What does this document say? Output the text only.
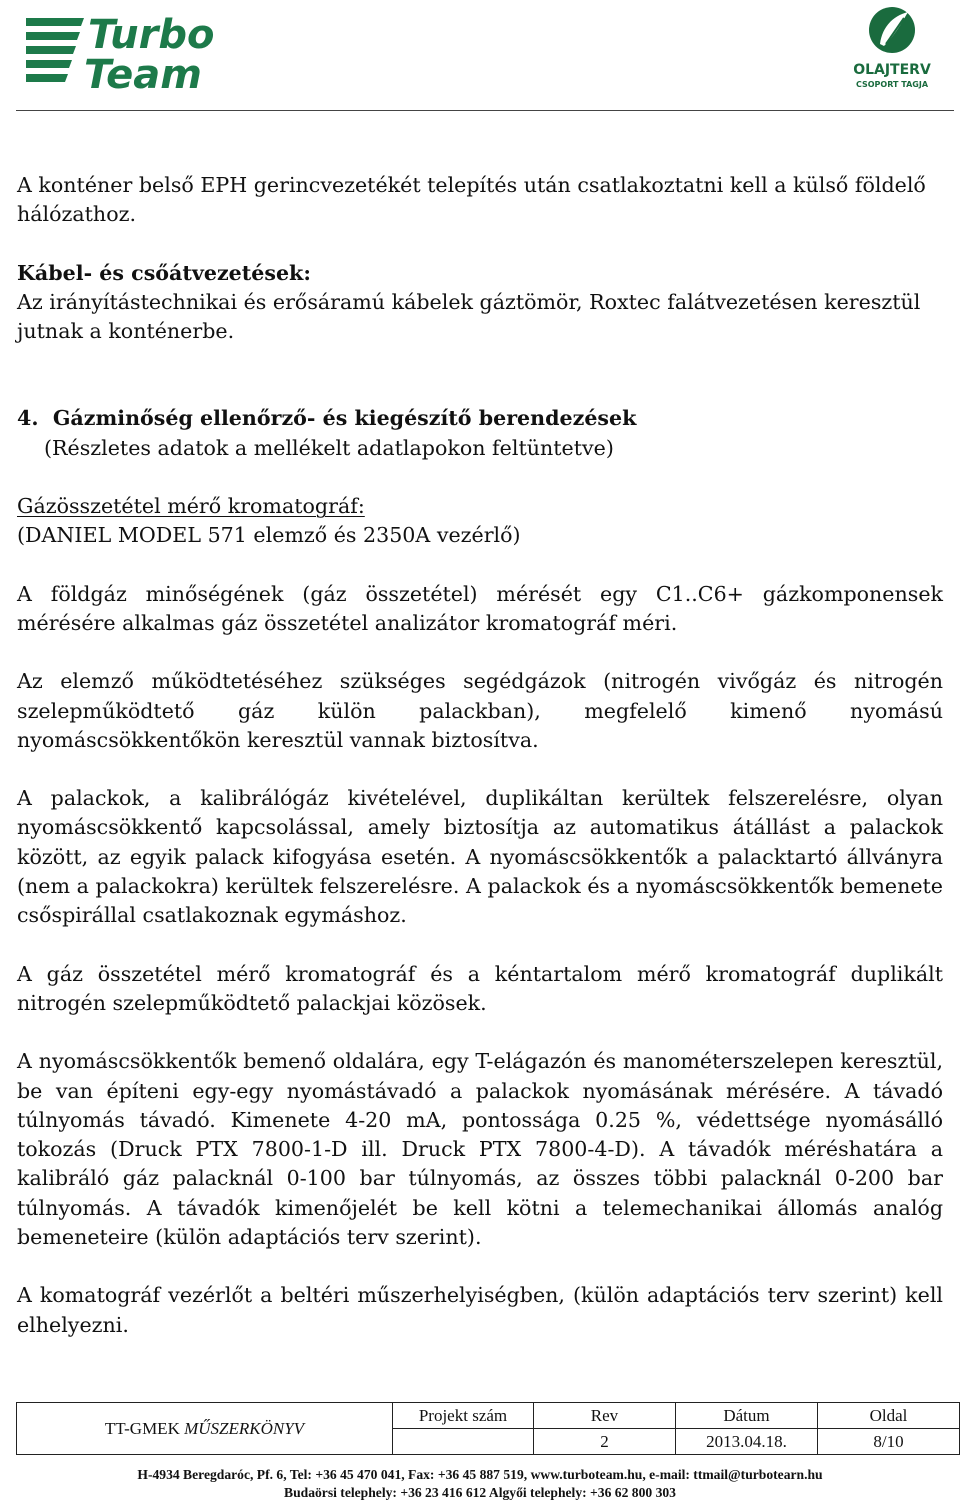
Turbo
Team	OLAJTERV
CSOPORT TAGJA

A konténer belső EPH gerincvezetékét telepítés után csatlakoztatni kell a külső földelő hálózathoz.

Kábel- és csőátvezetések:

Az irányítástechnikai és erősáramú kábelek gáztömör, Roxtec falátvezetésen keresztül jutnak a konténerbe.

4. Gázminőség ellenőrző- és kiegészítő berendezések

(Részletes adatok a mellékelt adatlapokon feltüntetve)

Gázösszetétel mérő kromatográf:

(DANIEL MODEL 571 elemző és 2350A vezérlő)

A földgáz minőségének (gáz összetétel) mérését egy C1..C6+ gázkomponensek mérésére alkalmas gáz összetétel analizátor kromatográf méri.

Az elemző működtetéséhez szükséges segédgázok (nitrogén vivőgáz és nitrogén szelepműködtető gáz külön palackban), megfelelő kimenő nyomású nyomáscsökkentőkön keresztül vannak biztosítva.

A palackok, a kalibrálógáz kivételével, duplikáltan kerültek felszerelésre, olyan nyomáscsökkentő kapcsolással, amely biztosítja az automatikus átállást a palackok között, az egyik palack kifogyása esetén. A nyomáscsökkentők a palacktartó állványra (nem a palackokra) kerültek felszerelésre. A palackok és a nyomáscsökkentők bemenete csőspirállal csatlakoznak egymáshoz.

A gáz összetétel mérő kromatográf és a kéntartalom mérő kromatográf duplikált nitrogén szelepműködtető palackjai közösek.

A nyomáscsökkentők bemenő oldalára, egy T-elágazón és manométerszelepen keresztül, be van építeni egy-egy nyomástávadó a palackok nyomásának mérésére. A távadó túlnyomás távadó. Kimenete 4-20 mA, pontossága 0.25 %, védettsége nyomásálló tokozás (Druck PTX 7800-1-D ill. Druck PTX 7800-4-D). A távadók méréshatára a kalibráló gáz palacknál 0-100 bar túlnyomás, az összes többi palacknál 0-200 bar túlnyomás. A távadók kimenőjelét be kell kötni a telemechanikai állomás analóg bemeneteire (külön adaptációs terv szerint).

A komatográf vezérlőt a beltéri műszerhelyiségben, (külön adaptációs terv szerint) kell elhelyezni.

TT-GMEK MŰSZERKÖNYV	Projekt szám	Rev	Dátum	Oldal
		2	2013.04.18.	8/10
H-4934 Beregdaróc, Pf. 6, Tel: +36 45 470 041, Fax: +36 45 887 519, www.turboteam.hu, e-mail: ttmail@turbotearn.hu
Budaörsi telephely: +36 23 416 612 Algyői telephely: +36 62 800 303
